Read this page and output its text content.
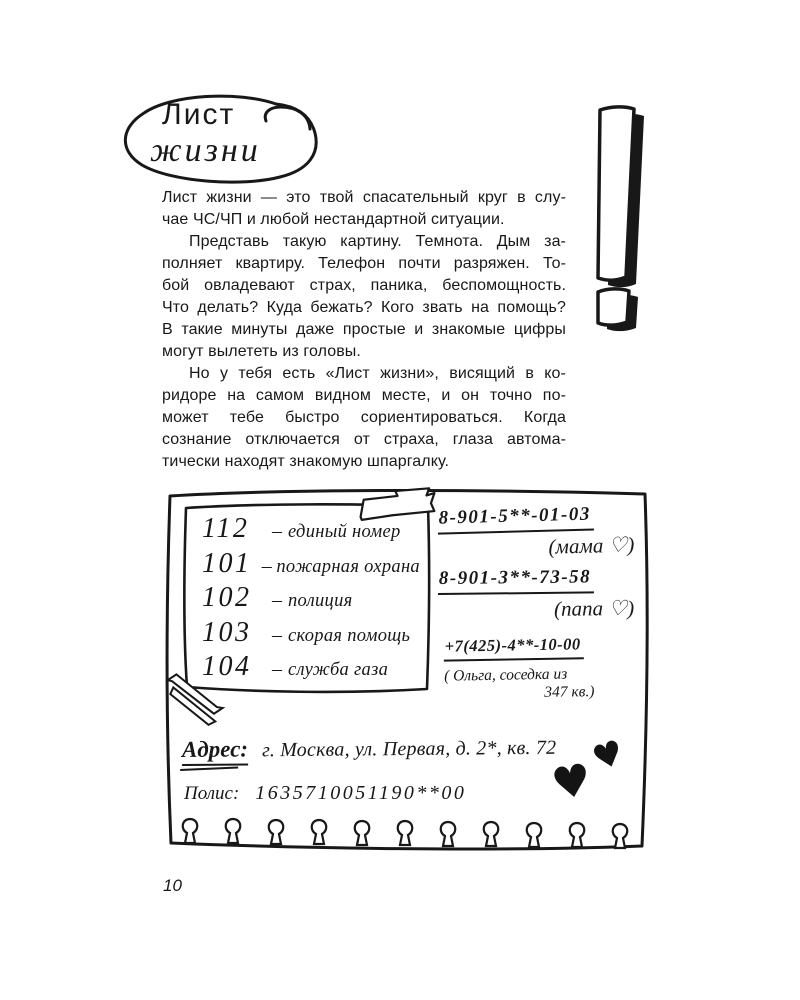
Лист
жизни
Лист жизни — это твой спасательный круг в слу-
чае ЧС/ЧП и любой нестандартной ситуации.
Представь такую картину. Темнота. Дым за-
полняет квартиру. Телефон почти разряжен. То-
бой овладевают страх, паника, беспомощность.
Что делать? Куда бежать? Кого звать на помощь?
В такие минуты даже простые и знакомые цифры
могут вылететь из головы.
Но у тебя есть «Лист жизни», висящий в ко-
ридоре на самом видном месте, и он точно по-
может тебе быстро сориентироваться. Когда
сознание отключается от страха, глаза автома-
тически находят знакомую шпаргалку.
112	– единый номер
101 – пожарная охрана
102	– полиция
103	– скорая помощь
104	– служба газа
8-901-5**-01-03
(мама ♡)
8-901-3**-73-58
(папа ♡)
+7(425)-4**-10-00
( Ольга, соседка из
347 кв.)
Адрес: г. Москва, ул. Первая, д. 2*, кв. 72
Полис: 1635710051190**00 ♥
♥
10
